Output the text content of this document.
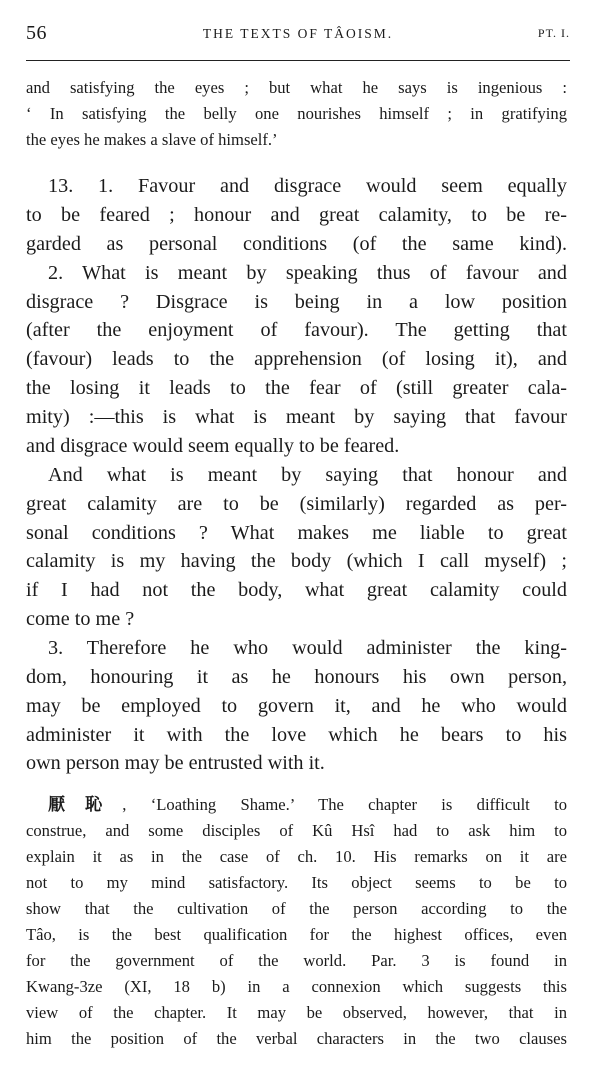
56	THE TEXTS OF TÂOISM.	PT. I.
and satisfying the eyes ; but what he says is ingenious :
‘ In satisfying the belly one nourishes himself ; in gratifying
the eyes he makes a slave of himself.’
13. 1. Favour and disgrace would seem equally
to be feared ; honour and great calamity, to be re-
garded as personal conditions (of the same kind).
2. What is meant by speaking thus of favour and
disgrace ? Disgrace is being in a low position
(after the enjoyment of favour). The getting that
(favour) leads to the apprehension (of losing it), and
the losing it leads to the fear of (still greater cala-
mity) :—this is what is meant by saying that favour
and disgrace would seem equally to be feared.
And what is meant by saying that honour and
great calamity are to be (similarly) regarded as per-
sonal conditions ? What makes me liable to great
calamity is my having the body (which I call myself) ;
if I had not the body, what great calamity could
come to me ?
3. Therefore he who would administer the king-
dom, honouring it as he honours his own person,
may be employed to govern it, and he who would
administer it with the love which he bears to his
own person may be entrusted with it.
厭恥, ‘Loathing Shame.’ The chapter is difficult to
construe, and some disciples of Kû Hsî had to ask him to
explain it as in the case of ch. 10. His remarks on it are
not to my mind satisfactory. Its object seems to be to
show that the cultivation of the person according to the
Tâo, is the best qualification for the highest offices, even
for the government of the world. Par. 3 is found in
Kwang-3ze (XI, 18 b) in a connexion which suggests this
view of the chapter. It may be observed, however, that in
him the position of the verbal characters in the two clauses
